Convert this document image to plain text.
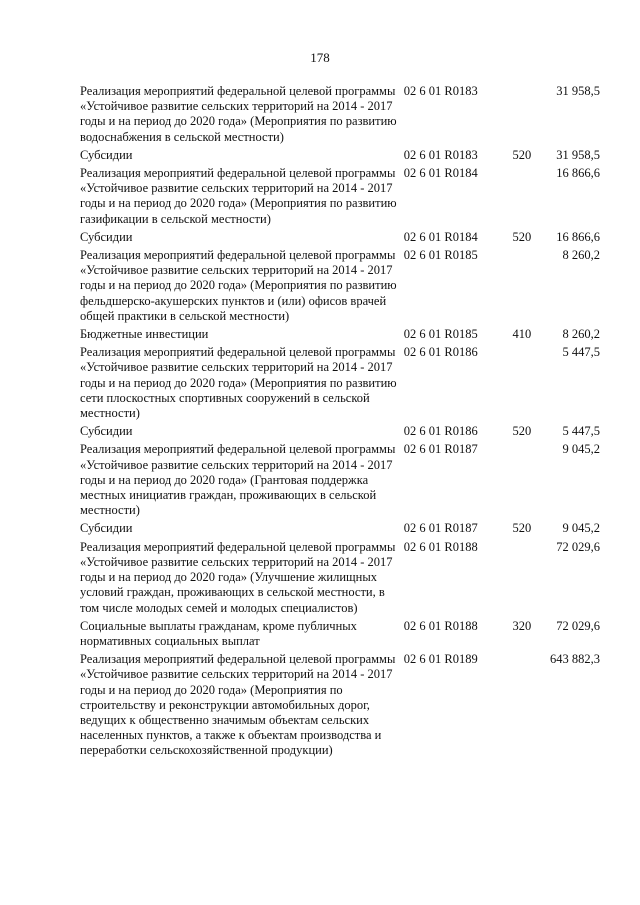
178
Реализация мероприятий федеральной целевой программы «Устойчивое развитие сельских территорий на 2014 - 2017 годы и на период до 2020 года» (Мероприятия по развитию водоснабжения в сельской местности)	02 6 01 R0183		31 958,5
Субсидии	02 6 01 R0183	520	31 958,5
Реализация мероприятий федеральной целевой программы «Устойчивое развитие сельских территорий на 2014 - 2017 годы и на период до 2020 года» (Мероприятия по развитию газификации в сельской местности)	02 6 01 R0184		16 866,6
Субсидии	02 6 01 R0184	520	16 866,6
Реализация мероприятий федеральной целевой программы «Устойчивое развитие сельских территорий на 2014 - 2017 годы и на период до 2020 года» (Мероприятия по развитию фельдшерско-акушерских пунктов и (или) офисов врачей общей практики в сельской местности)	02 6 01 R0185		8 260,2
Бюджетные инвестиции	02 6 01 R0185	410	8 260,2
Реализация мероприятий федеральной целевой программы «Устойчивое развитие сельских территорий на 2014 - 2017 годы и на период до 2020 года» (Мероприятия по развитию сети плоскостных спортивных сооружений в сельской местности)	02 6 01 R0186		5 447,5
Субсидии	02 6 01 R0186	520	5 447,5
Реализация мероприятий федеральной целевой программы «Устойчивое развитие сельских территорий на 2014 - 2017 годы и на период до 2020 года» (Грантовая поддержка местных инициатив граждан, проживающих в сельской местности)	02 6 01 R0187		9 045,2
Субсидии	02 6 01 R0187	520	9 045,2
Реализация мероприятий федеральной целевой программы «Устойчивое развитие сельских территорий на 2014 - 2017 годы и на период до 2020 года» (Улучшение жилищных условий граждан, проживающих в сельской местности, в том числе молодых семей и молодых специалистов)	02 6 01 R0188		72 029,6
Социальные выплаты гражданам, кроме публичных нормативных социальных выплат	02 6 01 R0188	320	72 029,6
Реализация мероприятий федеральной целевой программы «Устойчивое развитие сельских территорий на 2014 - 2017 годы и на период до 2020 года» (Мероприятия по строительству и реконструкции автомобильных дорог, ведущих к общественно значимым объектам сельских населенных пунктов, а также к объектам производства и переработки сельскохозяйственной продукции)	02 6 01 R0189		643 882,3
